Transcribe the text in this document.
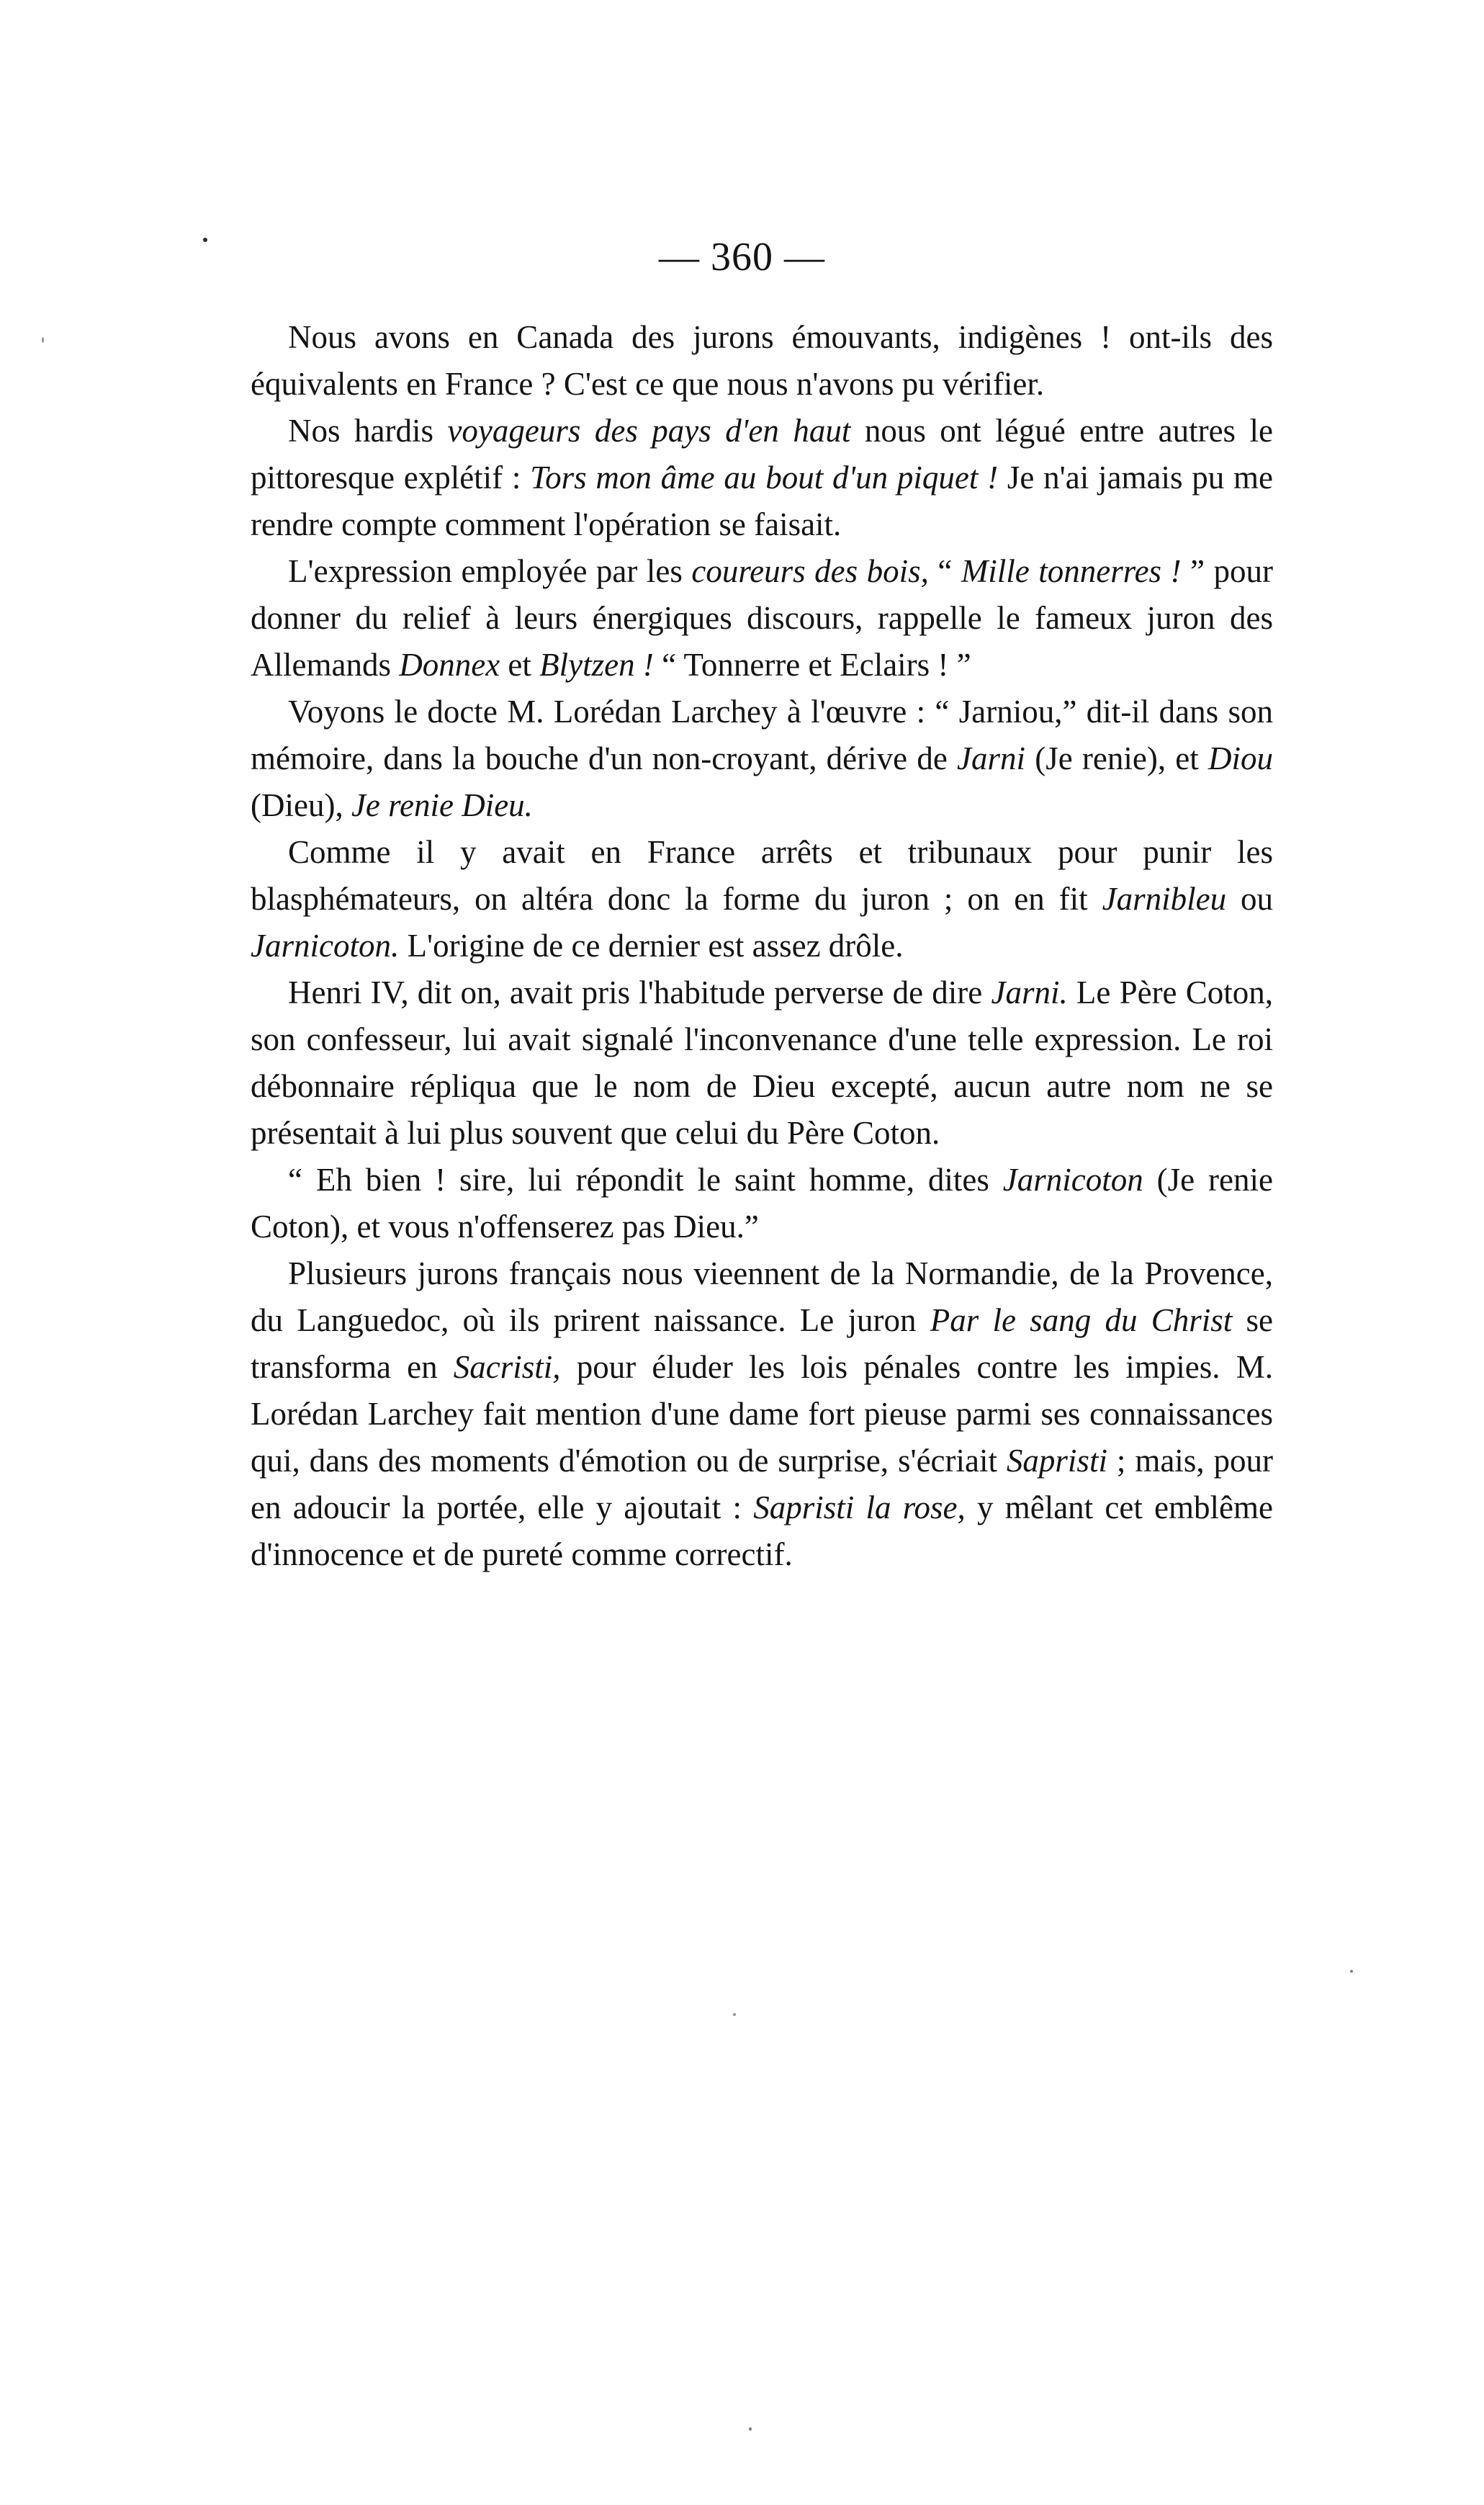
— 360 —

Nous avons en Canada des jurons émouvants, indigènes ! ont-ils des équivalents en France ? C'est ce que nous n'avons pu vérifier.

Nos hardis voyageurs des pays d'en haut nous ont légué entre autres le pittoresque explétif : Tors mon âme au bout d'un piquet ! Je n'ai jamais pu me rendre compte comment l'opération se faisait.

L'expression employée par les coureurs des bois, “ Mille tonnerres ! ” pour donner du relief à leurs énergiques discours, rappelle le fameux juron des Allemands Donnex et Blytzen ! “ Tonnerre et Eclairs ! ”

Voyons le docte M. Lorédan Larchey à l'œuvre : “ Jarniou,” dit-il dans son mémoire, dans la bouche d'un non-croyant, dérive de Jarni (Je renie), et Diou (Dieu), Je renie Dieu.

Comme il y avait en France arrêts et tribunaux pour punir les blasphémateurs, on altéra donc la forme du juron ; on en fit Jarnibleu ou Jarnicoton. L'origine de ce dernier est assez drôle.

Henri IV, dit on, avait pris l'habitude perverse de dire Jarni. Le Père Coton, son confesseur, lui avait signalé l'inconvenance d'une telle expression. Le roi débonnaire répliqua que le nom de Dieu excepté, aucun autre nom ne se présentait à lui plus souvent que celui du Père Coton.

“ Eh bien ! sire, lui répondit le saint homme, dites Jarnicoton (Je renie Coton), et vous n'offenserez pas Dieu.”

Plusieurs jurons français nous vieennent de la Normandie, de la Provence, du Languedoc, où ils prirent naissance. Le juron Par le sang du Christ se transforma en Sacristi, pour éluder les lois pénales contre les impies. M. Lorédan Larchey fait mention d'une dame fort pieuse parmi ses connaissances qui, dans des moments d'émotion ou de surprise, s'écriait Sapristi ; mais, pour en adoucir la portée, elle y ajoutait : Sapristi la rose, y mêlant cet emblême d'innocence et de pureté comme correctif.
